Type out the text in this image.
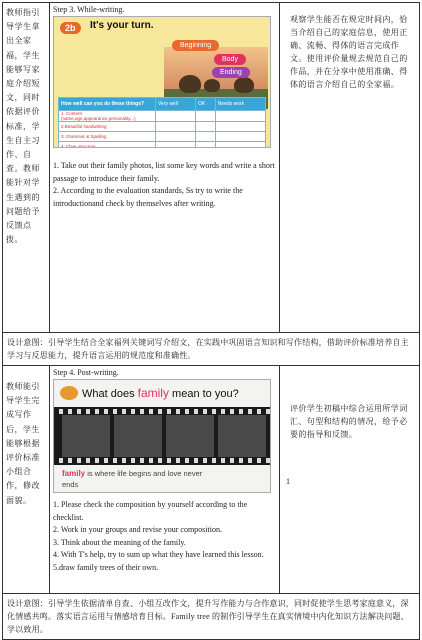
教师指引导学生拿出全家福，学生能够写家庭介绍短文，同时依据评价标准，学生自主习作、自查。教师能针对学生遇到的问题给予反馈点拨。
Step 3. While-writing.
2b	It's your turn.
Beginning
Body
Ending
How well can you do these things?	Very well	OK	Needs work
1. Content (name,age,appearance,personality...)			
2.Beautiful handwriting			
3. Grammar & Spelling			
4. Clear structure.			

1. Take out their family photos, list some key words and write a short passage to introduce their family.

2. According to the evaluation standards, Ss try to write the introductionand check by themselves after writing.

观察学生能否在规定时间内，恰当介绍自己的家庭信息，使用正确、流畅、得体的语言完成作文。使用评价量规去规范自己的作品，并在分享中使用准确、得体的语言介绍自己的全家福。
设计意图：引导学生结合全家福列关键词写介绍文，在实践中巩固语言知识和写作结构，借助评价标准培养自主学习与反思能力，提升语言运用的规范度和准确性。
教师能引导学生完成写作后，学生能够根据评价标准小组合作，修改面貌。
Step 4. Post-writing.
What does family mean to you?
family is where life begins and love never
ends	1

1. Please check the composition by yourself according to the checklist.

2. Work in your groups and revise your composition.

3. Think about the meaning of the family.

4. With T's help, try to sum up what they have learned this lesson.

5.draw family trees of their own.

评价学生初稿中综合运用所学词汇、句型和结构的情况，给予必要的指导和反馈。
设计意图：引导学生依据清单自查、小组互改作文，提升写作能力与合作意识，同时促使学生思考家庭意义，深化情感共鸣。落实语言运用与情感培育目标。Family tree 的制作引导学生在真实情境中内化知识方法解决问题、学以致用。
